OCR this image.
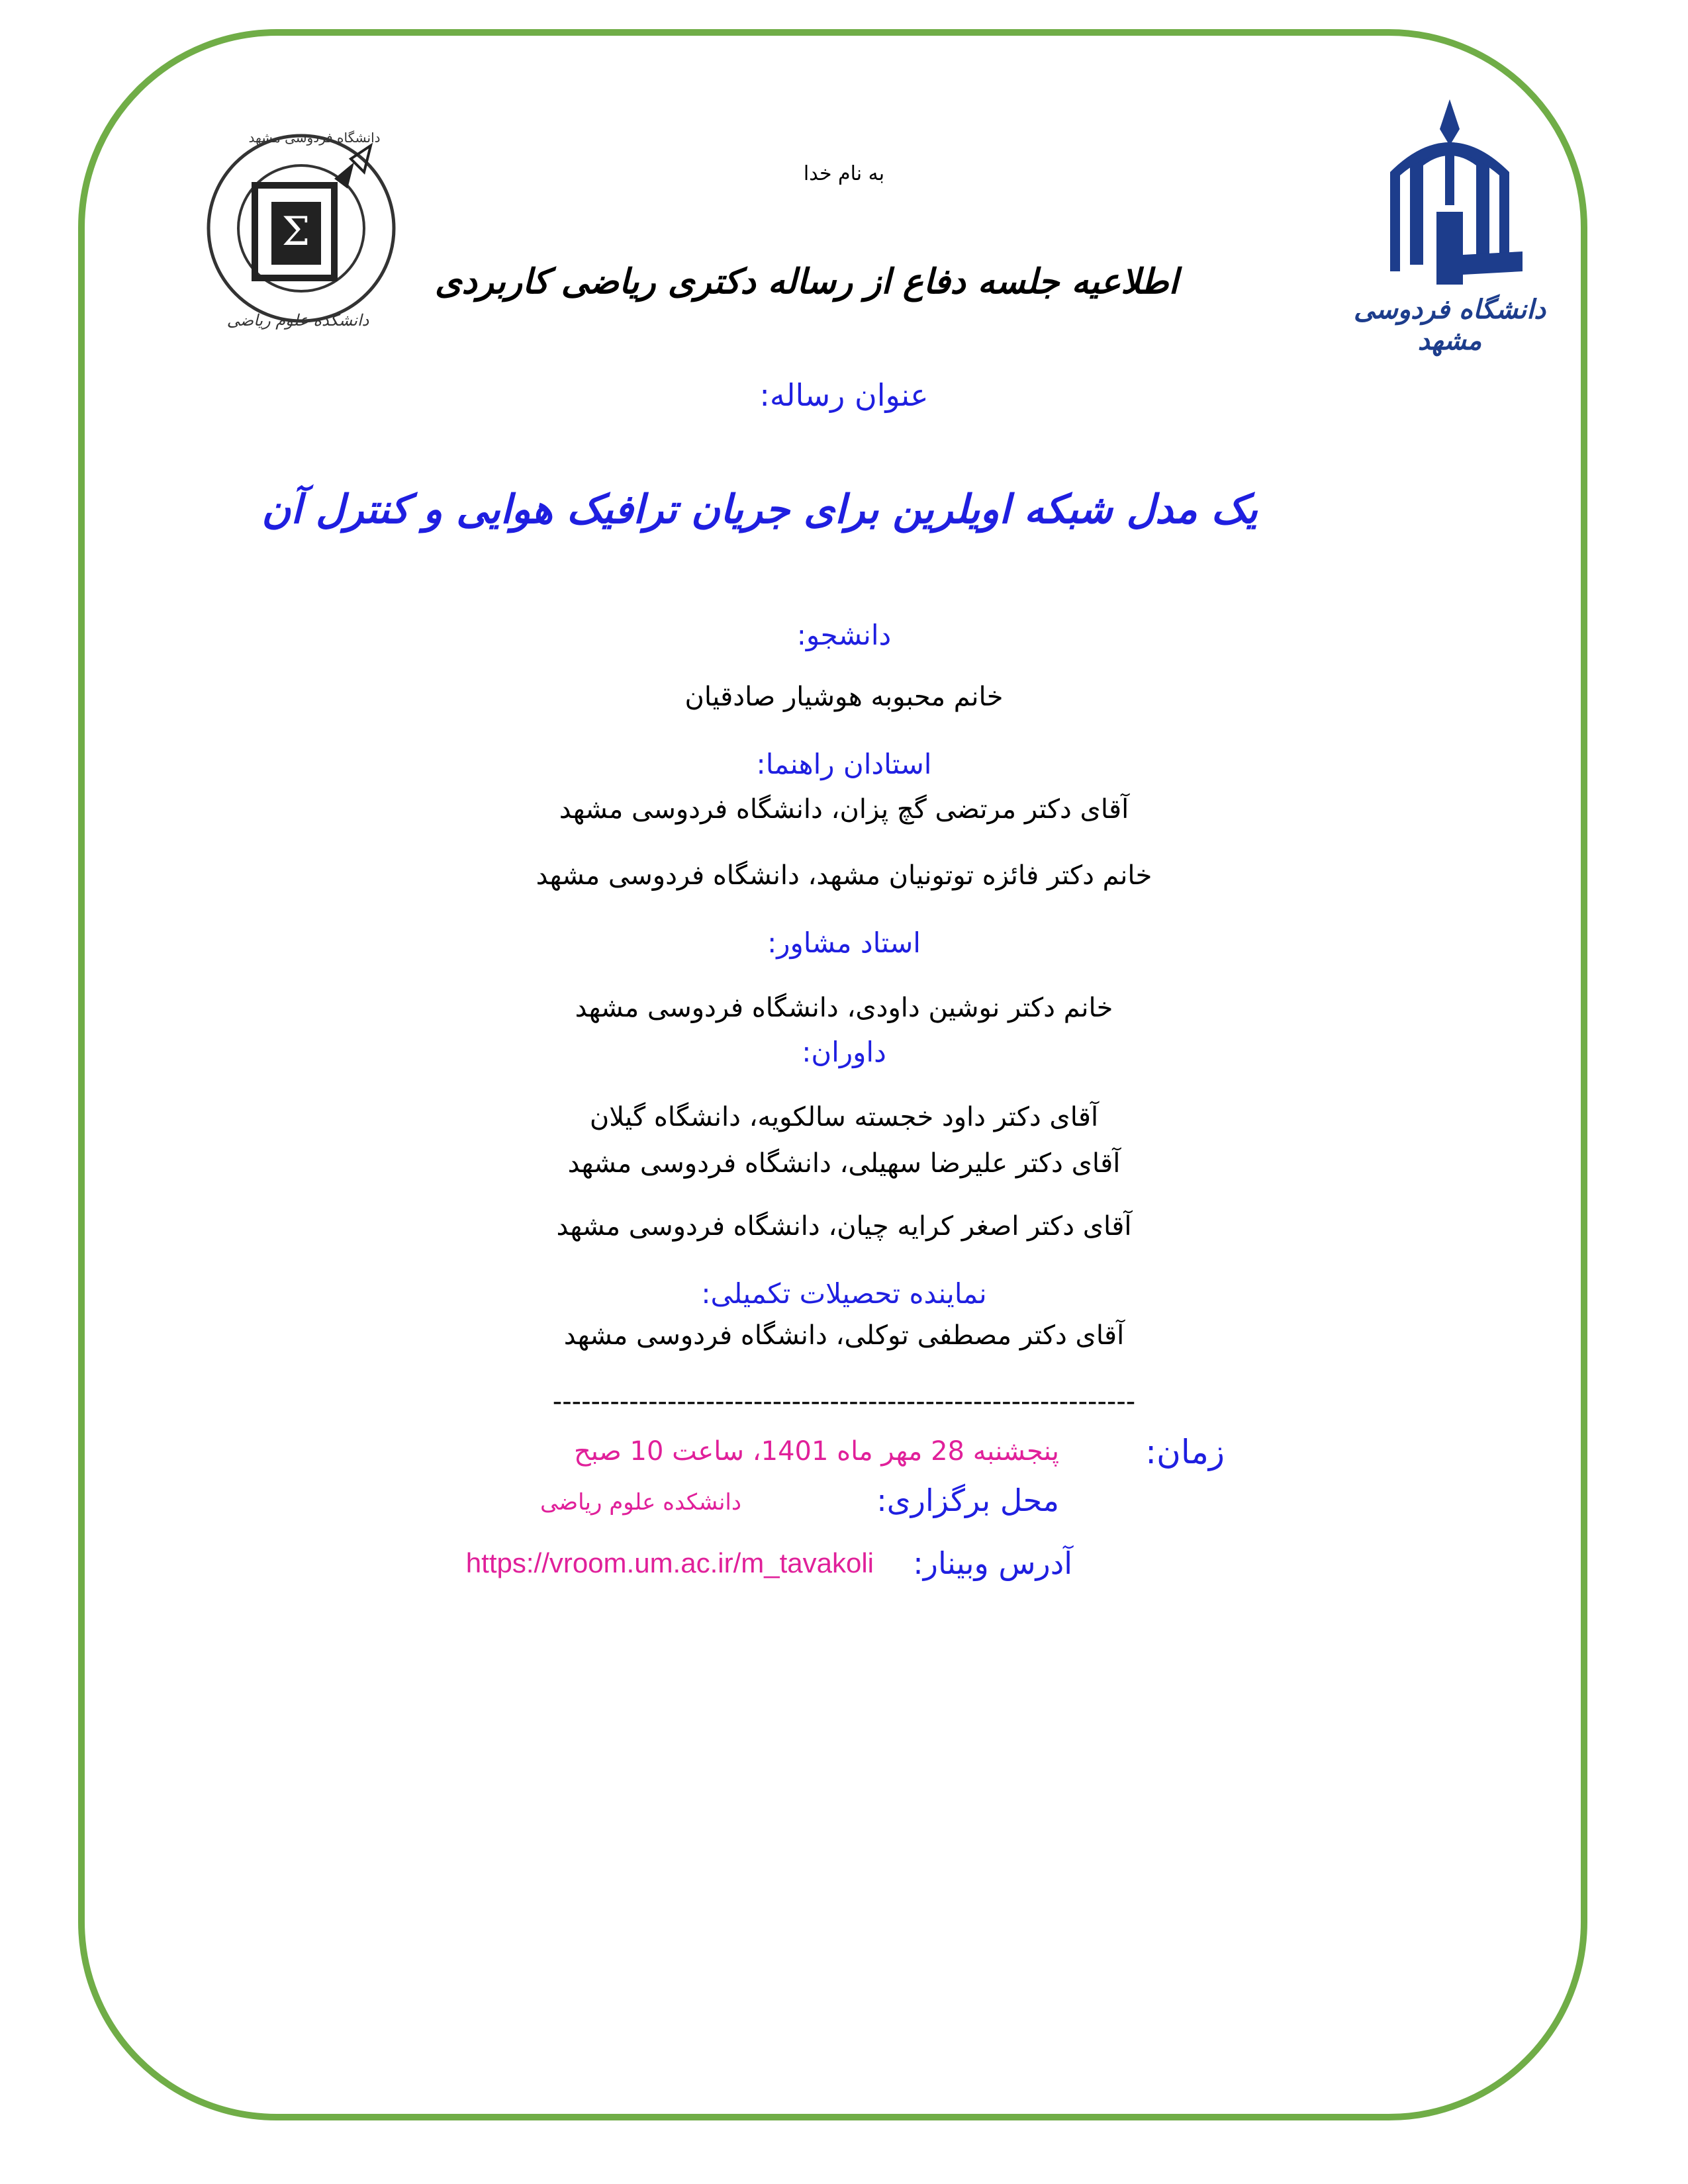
دانشگاه فردوسی مشهد
Σ
دانشگاه فردوسی مشهد
دانشکده علوم ریاضی
به نام خدا
اطلاعیه جلسه دفاع از رساله دکتری ریاضی کاربردی
عنوان رساله:
یک مدل شبکه اویلرین برای جریان ترافیک هوایی و کنترل آن
دانشجو:
خانم محبوبه هوشیار صادقیان
استادان راهنما:
آقای دکتر مرتضی گچ پزان، دانشگاه فردوسی مشهد
خانم دکتر فائزه توتونیان مشهد، دانشگاه فردوسی مشهد
استاد مشاور:
خانم دکتر نوشین داودی، دانشگاه فردوسی مشهد
داوران:
آقای دکتر داود خجسته سالکویه، دانشگاه گیلان
آقای دکتر علیرضا سهیلی، دانشگاه فردوسی مشهد
آقای دکتر اصغر کرایه چیان، دانشگاه فردوسی مشهد
نماینده تحصیلات تکمیلی:
آقای دکتر مصطفی توکلی، دانشگاه فردوسی مشهد
-------------------------------------------------------------
زمان:
پنجشنبه 28 مهر ماه 1401، ساعت 10 صبح
محل برگزاری:
دانشکده علوم ریاضی
آدرس وبینار:
https://vroom.um.ac.ir/m_tavakoli
